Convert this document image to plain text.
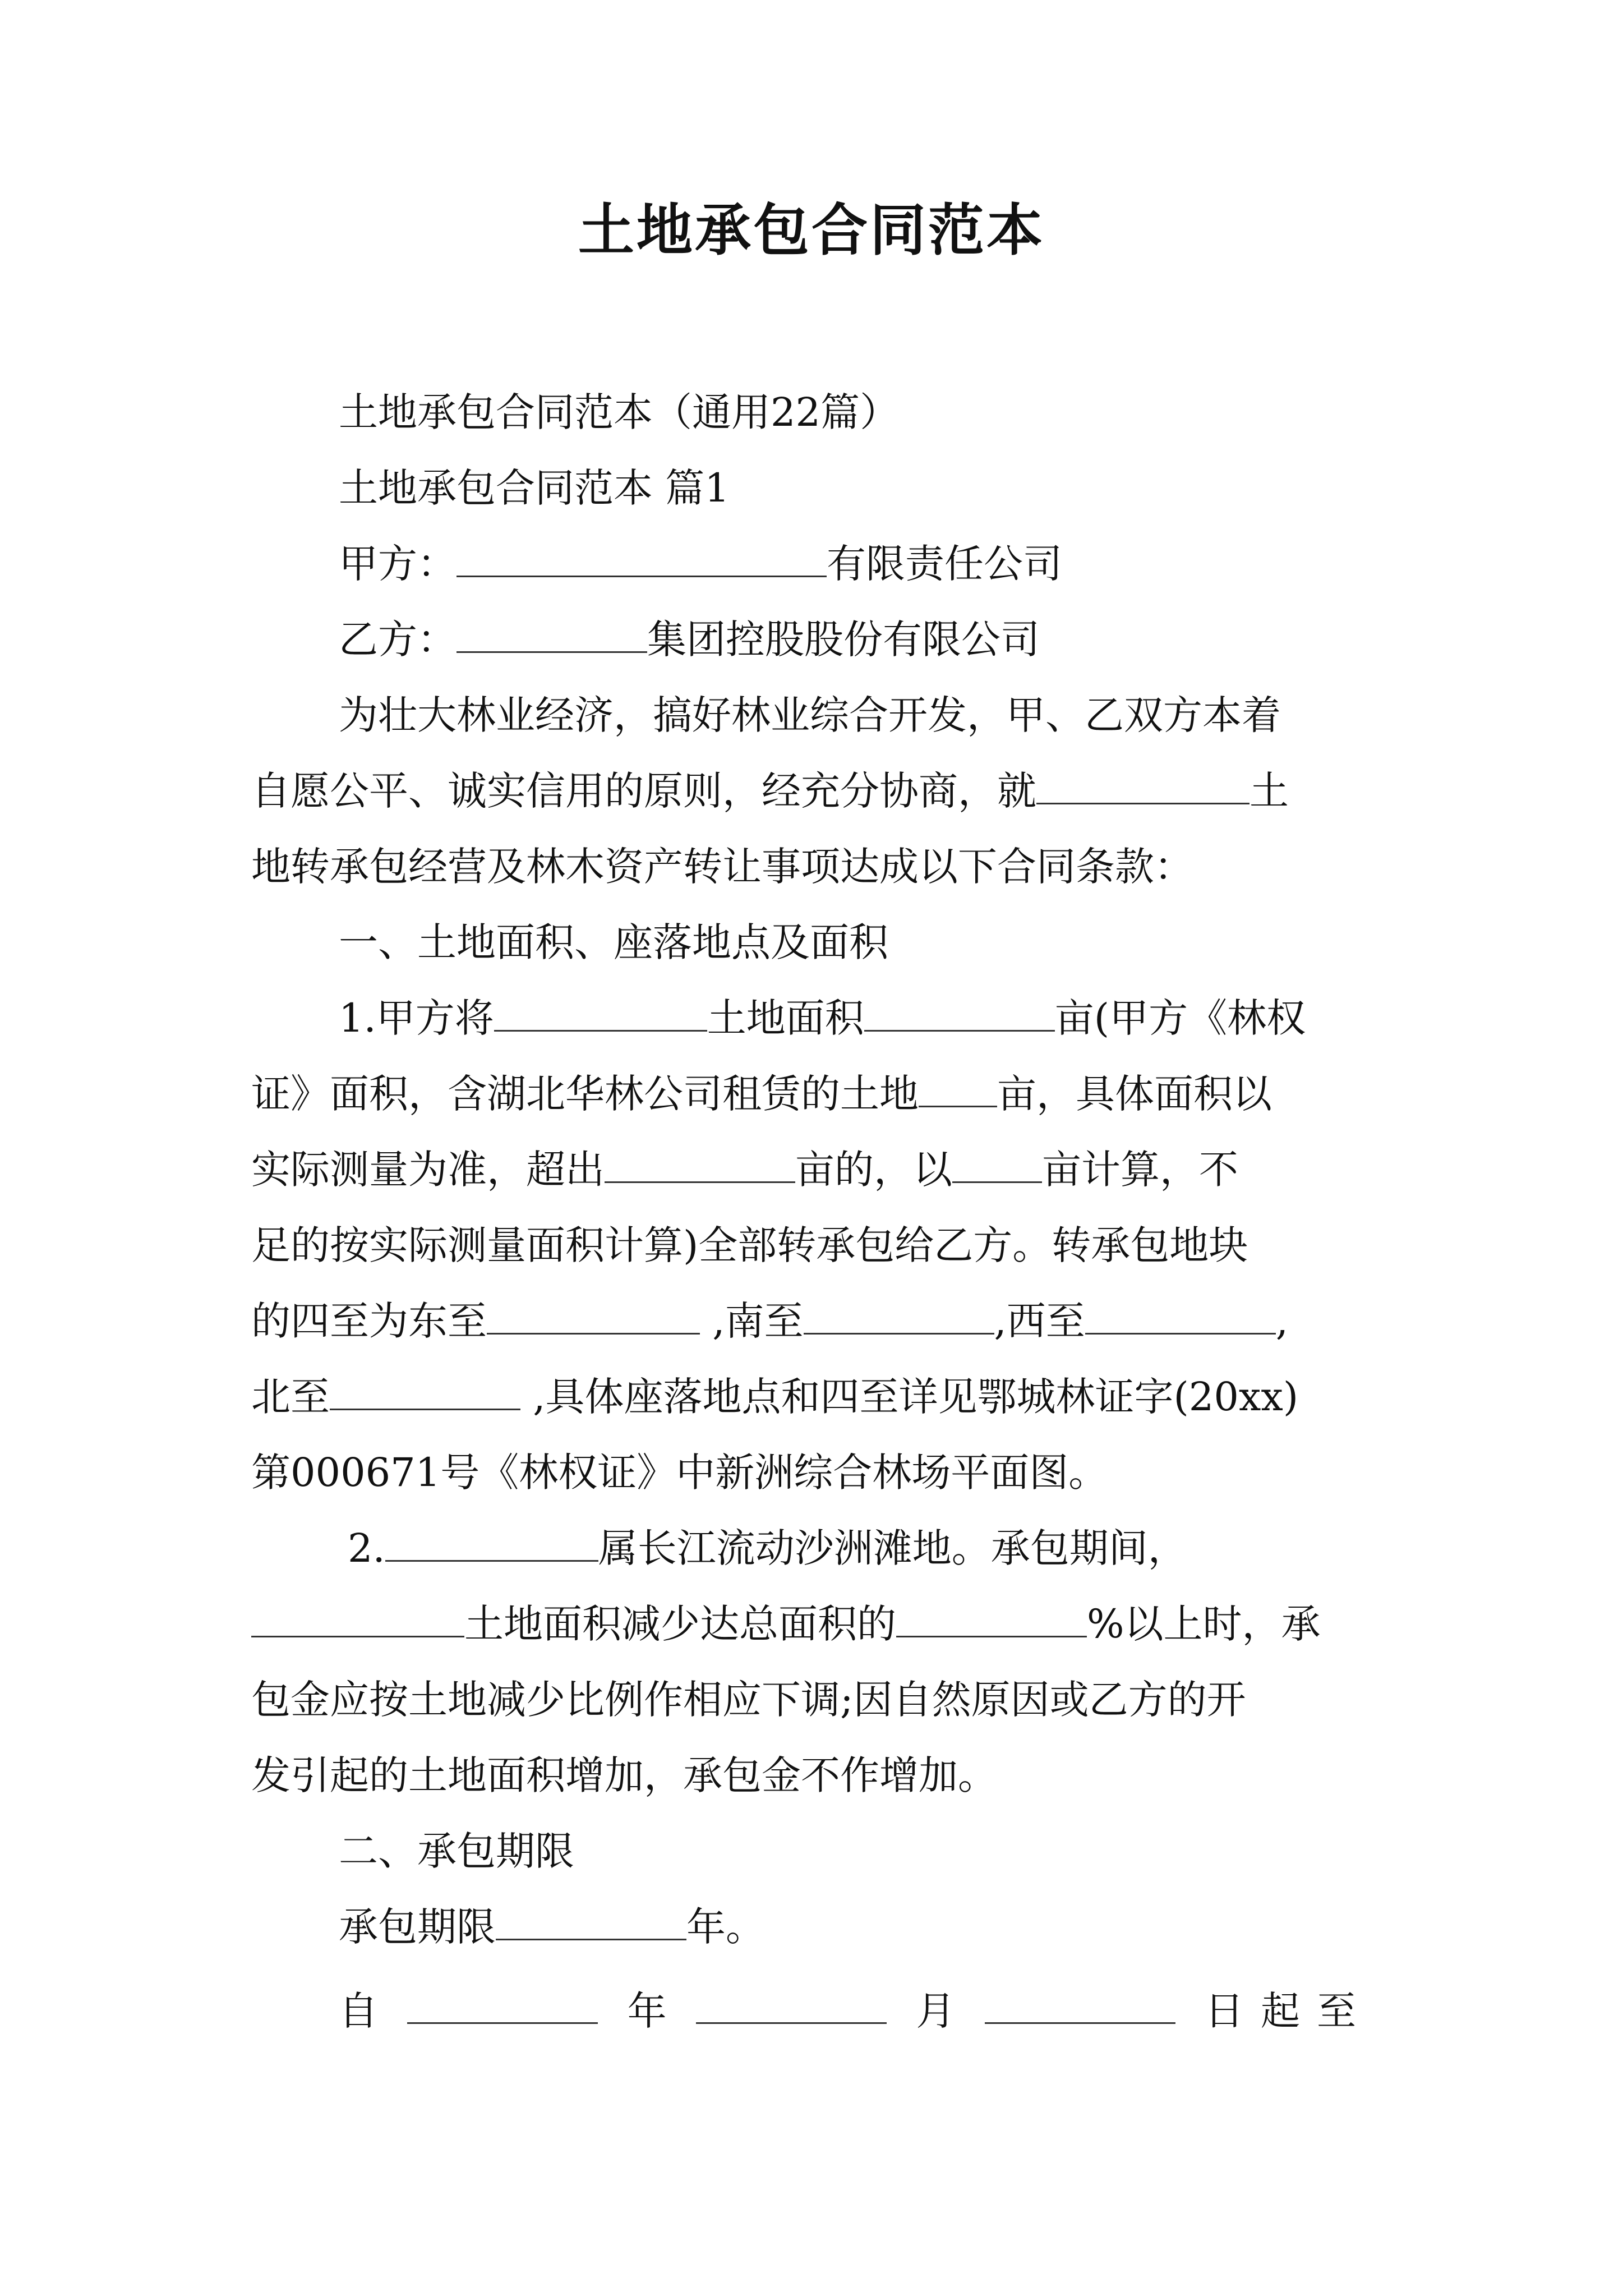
土地承包合同范本
土地承包合同范本（通用22篇）
土地承包合同范本 篇1
甲方：	有限责任公司
乙方：	集团控股股份有限公司
为壮大林业经济，搞好林业综合开发，甲、乙双方本着
自愿公平、诚实信用的原则，经充分协商，就	土
地转承包经营及林木资产转让事项达成以下合同条款：
一、土地面积、座落地点及面积
1.甲方将	土地面积	亩(甲方《林权
证》面积，含湖北华林公司租赁的土地 亩，具体面积以
实际测量为准，超出	亩的，以 亩计算，不
足的按实际测量面积计算)全部转承包给乙方。转承包地块
的四至为东至	,南至	,西至	,
北至	,具体座落地点和四至详见鄂城林证字(20xx)
第000671号《林权证》中新洲综合林场平面图。
2.	属长江流动沙洲滩地。承包期间，
土地面积减少达总面积的	%以上时，承
包金应按土地减少比例作相应下调;因自然原因或乙方的开
发引起的土地面积增加，承包金不作增加。
二、承包期限
承包期限	年。
自	年	月	日起至
